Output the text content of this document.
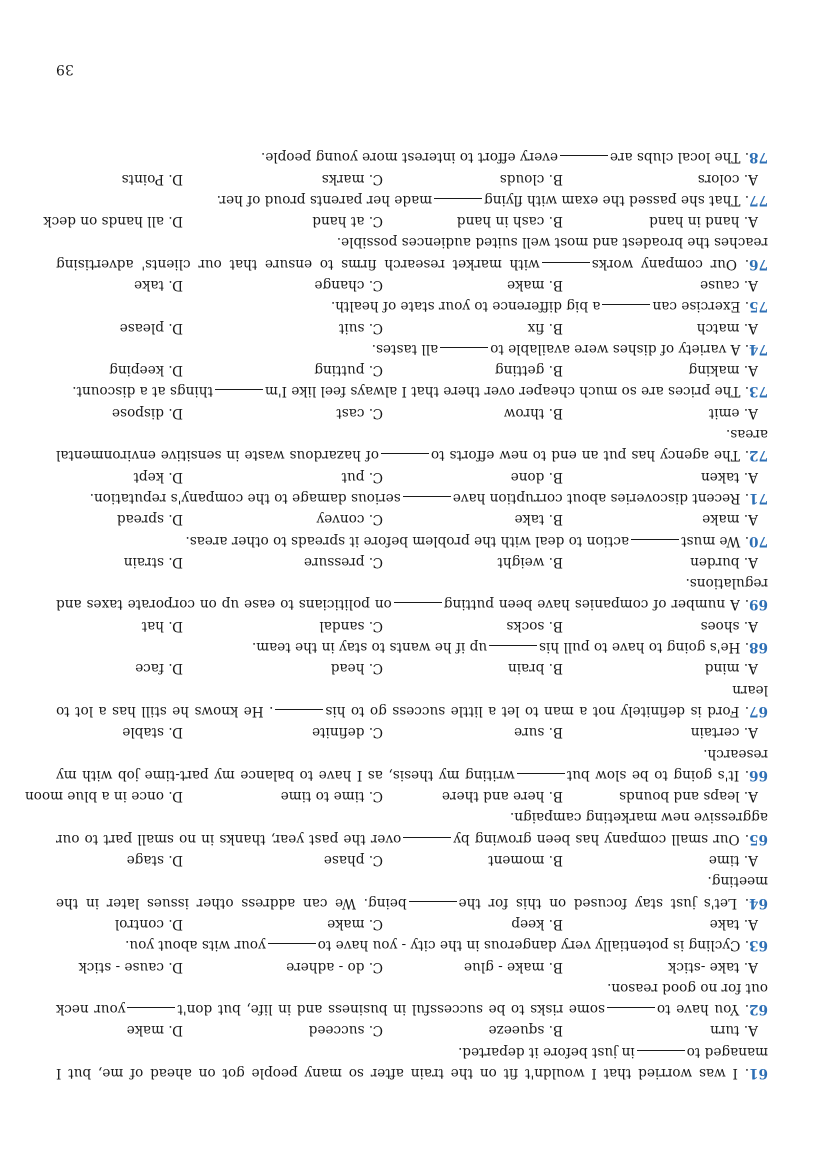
61. I was worried that I wouldn't fit on the train after so many people got on ahead of me, but I managed toin just before it departed.
A. turn
B. squeeze
C. succeed
D. make
62. You have tosome risks to be successful in business and in life, but don'tyour neck out for no good reason.
A. take -stick
B. make - glue
C. do - adhere
D. cause - stick
63. Cycling is potentially very dangerous in the city - you have toyour wits about you.
A. take
B. keep
C. make
D. control
64. Let's just stay focused on this for thebeing. We can address other issues later in the meeting.
A. time
B. moment
C. phase
D. stage
65. Our small company has been growing byover the past year, thanks in no small part to our aggressive new marketing campaign.
A. leaps and bounds
B. here and there
C. time to time
D. once in a blue moon
66. It's going to be slow butwriting my thesis, as I have to balance my part-time job with my research.
A. certain
B. sure
C. definite
D. stable
67. Ford is definitely not a man to let a little success go to his. He knows he still has a lot to learn
A. mind
B. brain
C. head
D. face
68. He's going to have to pull hisup if he wants to stay in the team.
A. shoes
B. socks
C. sandal
D. hat
69. A number of companies have been puttingon politicians to ease up on corporate taxes and regulations.
A. burden
B. weight
C. pressure
D. strain
70. We mustaction to deal with the problem before it spreads to other areas.
A. make
B. take
C. convey
D. spread
71. Recent discoveries about corruption haveserious damage to the company's reputation.
A. taken
B. done
C. put
D. kept
72. The agency has put an end to new efforts toof hazardous waste in sensitive environmental areas.
A. emit
B. throw
C. cast
D. dispose
73. The prices are so much cheaper over there that I always feel like I'mthings at a discount.
A. making
B. getting
C. putting
D. keeping
74. A variety of dishes were available toall tastes.
A. match
B. fix
C. suit
D. please
75. Exercise cana big difference to your state of health.
A. cause
B. make
C. change
D. take
76. Our company workswith market research firms to ensure that our clients' advertising reaches the broadest and most well suited audiences possible.
A. hand in hand
B. cash in hand
C. at hand
D. all hands on deck
77. That she passed the exam with flyingmade her parents proud of her.
A. colors
B. clouds
C. marks
D. Points
78. The local clubs areevery effort to interest more young people.
39
